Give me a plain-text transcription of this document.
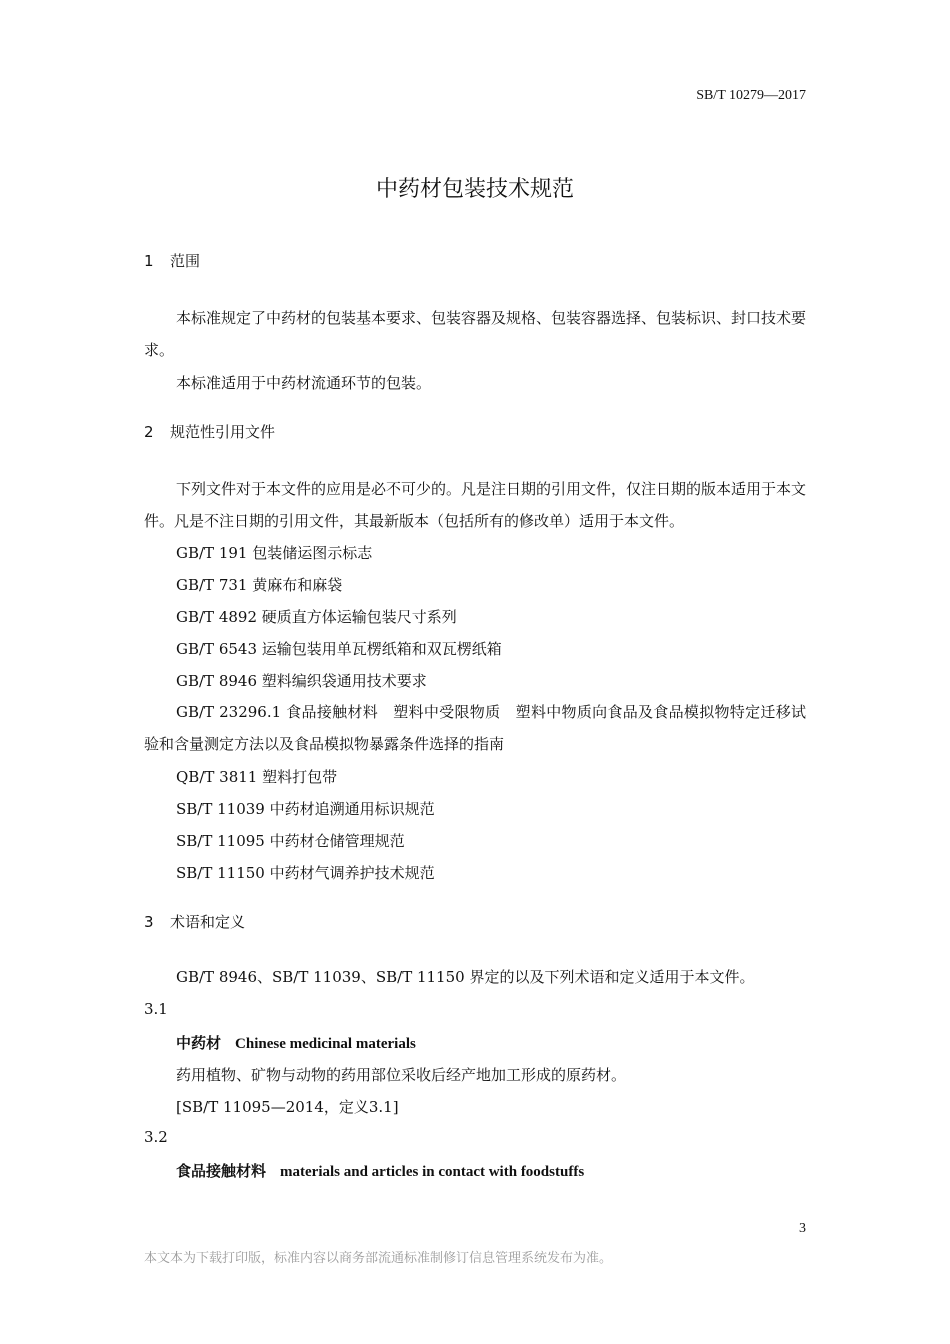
SB/T 10279—2017
中药材包装技术规范
1 范围
本标准规定了中药材的包装基本要求、包装容器及规格、包装容器选择、包装标识、封口技术要求。
本标准适用于中药材流通环节的包装。
2 规范性引用文件
下列文件对于本文件的应用是必不可少的。凡是注日期的引用文件，仅注日期的版本适用于本文件。凡是不注日期的引用文件，其最新版本（包括所有的修改单）适用于本文件。
GB/T 191 包装储运图示标志
GB/T 731 黄麻布和麻袋
GB/T 4892 硬质直方体运输包装尺寸系列
GB/T 6543 运输包装用单瓦楞纸箱和双瓦楞纸箱
GB/T 8946 塑料编织袋通用技术要求
GB/T 23296.1 食品接触材料　塑料中受限物质　塑料中物质向食品及食品模拟物特定迁移试验和含量测定方法以及食品模拟物暴露条件选择的指南
QB/T 3811 塑料打包带
SB/T 11039 中药材追溯通用标识规范
SB/T 11095 中药材仓储管理规范
SB/T 11150 中药材气调养护技术规范
3 术语和定义
GB/T 8946、SB/T 11039、SB/T 11150 界定的以及下列术语和定义适用于本文件。
3.1
中药材 Chinese medicinal materials
药用植物、矿物与动物的药用部位采收后经产地加工形成的原药材。
[SB/T 11095—2014，定义3.1]
3.2
食品接触材料 materials and articles in contact with foodstuffs
3
本文本为下载打印版，标准内容以商务部流通标准制修订信息管理系统发布为准。
